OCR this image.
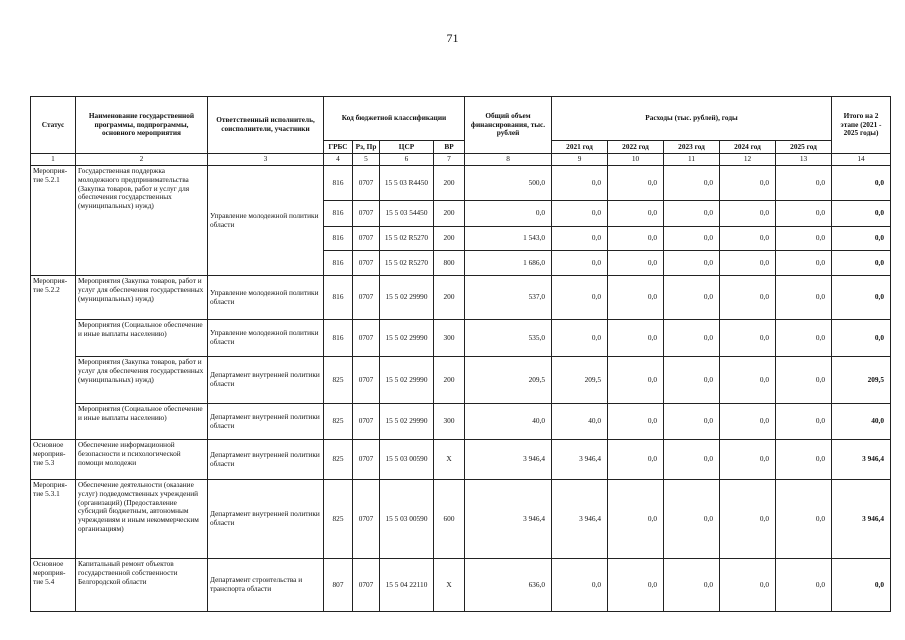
71
Статус	Наименование государственной программы, подпрограммы, основного мероприятия	Ответственный исполнитель, соисполнители, участники	Код бюджетной классификации				Общий объем финансирования, тыс. рублей	Расходы (тыс. рублей), годы					Итого на 2 этапе (2021 - 2025 годы)
			ГРБС	Рз, Пр	ЦСР	ВР		2021 год	2022 год	2023 год	2024 год	2025 год	
1	2	3	4	5	6	7	8	9	10	11	12	13	14
Мероприя-тие 5.2.1	Государственная поддержка молодежного предпринимательства (Закупка товаров, работ и услуг для обеспечения государственных (муниципальных) нужд)	Управление молодежной политики области	816	0707	15 5 03 R4450	200	500,0	0,0	0,0	0,0	0,0	0,0	0,0
			816	0707	15 5 03 54450	200	0,0	0,0	0,0	0,0	0,0	0,0	0,0
			816	0707	15 5 02 R5270	200	1 543,0	0,0	0,0	0,0	0,0	0,0	0,0
			816	0707	15 5 02 R5270	800	1 686,0	0,0	0,0	0,0	0,0	0,0	0,0
Мероприя-тие 5.2.2	Мероприятия (Закупка товаров, работ и услуг для обеспечения государственных (муниципальных) нужд)	Управление молодежной политики области	816	0707	15 5 02 29990	200	537,0	0,0	0,0	0,0	0,0	0,0	0,0
	Мероприятия (Социальное обеспечение и иные выплаты населению)	Управление молодежной политики области	816	0707	15 5 02 29990	300	535,0	0,0	0,0	0,0	0,0	0,0	0,0
	Мероприятия (Закупка товаров, работ и услуг для обеспечения государственных (муниципальных) нужд)	Департамент внутренней политики области	825	0707	15 5 02 29990	200	209,5	209,5	0,0	0,0	0,0	0,0	209,5
	Мероприятия (Социальное обеспечение и иные выплаты населению)	Департамент внутренней политики области	825	0707	15 5 02 29990	300	40,0	40,0	0,0	0,0	0,0	0,0	40,0
Основное мероприя-тие 5.3	Обеспечение информационной безопасности и психологической помощи молодежи	Департамент внутренней политики области	825	0707	15 5 03 00590	Х	3 946,4	3 946,4	0,0	0,0	0,0	0,0	3 946,4
Мероприя-тие 5.3.1	Обеспечение деятельности (оказание услуг) подведомственных учреждений (организаций) (Предоставление субсидий бюджетным, автономным учреждениям и иным некоммерческим организациям)	Департамент внутренней политики области	825	0707	15 5 03 00590	600	3 946,4	3 946,4	0,0	0,0	0,0	0,0	3 946,4
Основное мероприя-тие 5.4	Капитальный ремонт объектов государственной собственности Белгородской области	Департамент строительства и транспорта области	807	0707	15 5 04 22110	Х	636,0	0,0	0,0	0,0	0,0	0,0	0,0
